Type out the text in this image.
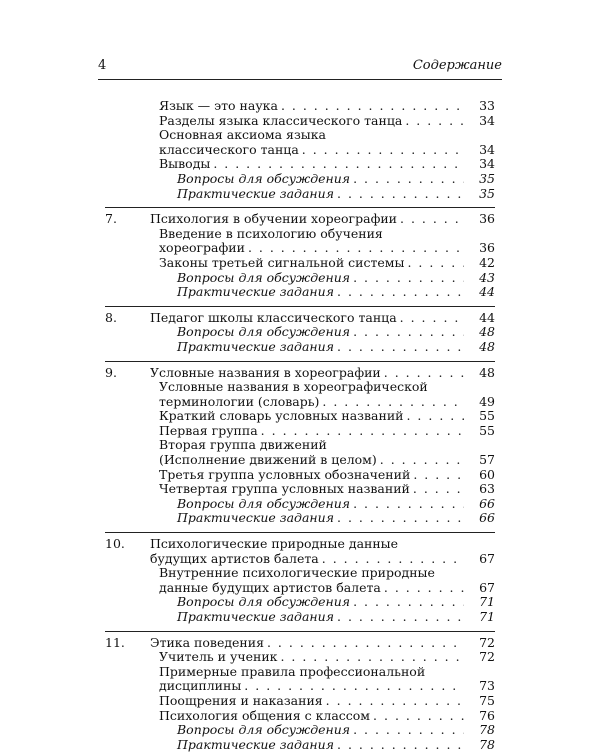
4	Содержание
Язык — это наука . . .	33
Разделы языка классического танца . . .	34
Основная аксиома языка
классического танца . . .	34
Выводы . . .	34
Вопросы для обсуждения . . .	35
Практические задания . . .	35
7.	Психология в обучении хореографии . . .	36
Введение в психологию обучения
хореографии . . .	36
Законы третьей сигнальной системы . . .	42
Вопросы для обсуждения . . .	43
Практические задания . . .	44
8.	Педагог школы классического танца . . .	44
Вопросы для обсуждения . . .	48
Практические задания . . .	48
9.	Условные названия в хореографии . . .	48
Условные названия в хореографической
терминологии (словарь) . . .	49
Краткий словарь условных названий . . .	55
Первая группа . . .	55
Вторая группа движений
(Исполнение движений в целом) . . .	57
Третья группа условных обозначений . . .	60
Четвертая группа условных названий . . .	63
Вопросы для обсуждения . . .	66
Практические задания . . .	66
10. Психологические природные данные
будущих артистов балета . . .	67
Внутренние психологические природные
данные будущих артистов балета . . .	67
Вопросы для обсуждения . . .	71
Практические задания . . .	71
11. Этика поведения . . .	72
Учитель и ученик . . .	72
Примерные правила профессиональной
дисциплины . . .	73
Поощрения и наказания . . .	75
Психология общения с классом . . .	76
Вопросы для обсуждения . . .	78
Практические задания . . .	78
